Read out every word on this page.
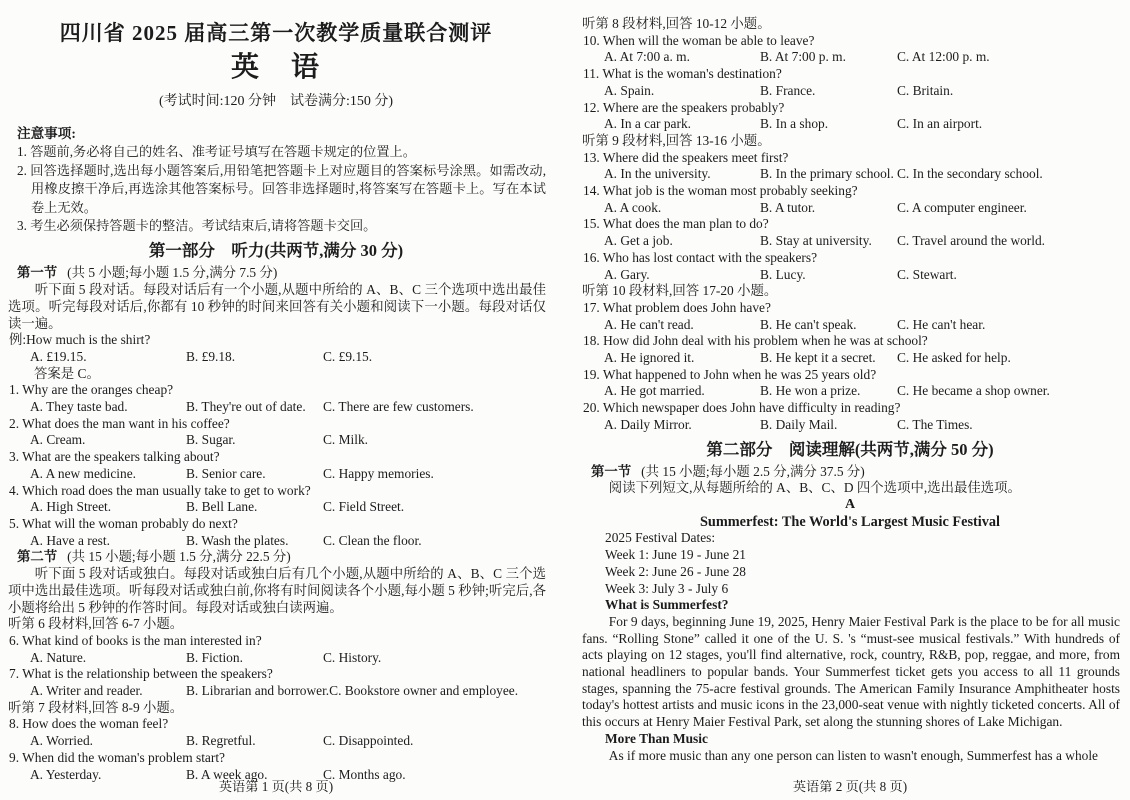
四川省 2025 届高三第一次教学质量联合测评
英　语
(考试时间:120 分钟　试卷满分:150 分)
注意事项:
1. 答题前,务必将自己的姓名、准考证号填写在答题卡规定的位置上。
2. 回答选择题时,选出每小题答案后,用铅笔把答题卡上对应题目的答案标号涂黑。如需改动,用橡皮擦干净后,再选涂其他答案标号。回答非选择题时,将答案写在答题卡上。写在本试卷上无效。
3. 考生必须保持答题卡的整洁。考试结束后,请将答题卡交回。
第一部分　听力(共两节,满分 30 分)
第一节 (共 5 小题;每小题 1.5 分,满分 7.5 分)
听下面 5 段对话。每段对话后有一个小题,从题中所给的 A、B、C 三个选项中选出最佳选项。听完每段对话后,你都有 10 秒钟的时间来回答有关小题和阅读下一小题。每段对话仅读一遍。
例:How much is the shirt?
A. £19.15.	B. £9.18.	C. £9.15.
答案是 C。
1. Why are the oranges cheap?
A. They taste bad.	B. They're out of date.	C. There are few customers.
2. What does the man want in his coffee?
A. Cream.	B. Sugar.	C. Milk.
3. What are the speakers talking about?
A. A new medicine.	B. Senior care.	C. Happy memories.
4. Which road does the man usually take to get to work?
A. High Street.	B. Bell Lane.	C. Field Street.
5. What will the woman probably do next?
A. Have a rest.	B. Wash the plates.	C. Clean the floor.
第二节 (共 15 小题;每小题 1.5 分,满分 22.5 分)
听下面 5 段对话或独白。每段对话或独白后有几个小题,从题中所给的 A、B、C 三个选项中选出最佳选项。听每段对话或独白前,你将有时间阅读各个小题,每小题 5 秒钟;听完后,各小题将给出 5 秒钟的作答时间。每段对话或独白读两遍。
听第 6 段材料,回答 6-7 小题。
6. What kind of books is the man interested in?
A. Nature.	B. Fiction.	C. History.
7. What is the relationship between the speakers?
A. Writer and reader.	B. Librarian and borrower. C. Bookstore owner and employee.
听第 7 段材料,回答 8-9 小题。
8. How does the woman feel?
A. Worried.	B. Regretful.	C. Disappointed.
9. When did the woman's problem start?
A. Yesterday.	B. A week ago.	C. Months ago.
英语第 1 页(共 8 页)
听第 8 段材料,回答 10-12 小题。
10. When will the woman be able to leave?
A. At 7:00 a. m.	B. At 7:00 p. m.	C. At 12:00 p. m.
11. What is the woman's destination?
A. Spain.	B. France.	C. Britain.
12. Where are the speakers probably?
A. In a car park.	B. In a shop.	C. In an airport.
听第 9 段材料,回答 13-16 小题。
13. Where did the speakers meet first?
A. In the university.	B. In the primary school. C. In the secondary school.
14. What job is the woman most probably seeking?
A. A cook.	B. A tutor.	C. A computer engineer.
15. What does the man plan to do?
A. Get a job.	B. Stay at university.	C. Travel around the world.
16. Who has lost contact with the speakers?
A. Gary.	B. Lucy.	C. Stewart.
听第 10 段材料,回答 17-20 小题。
17. What problem does John have?
A. He can't read.	B. He can't speak.	C. He can't hear.
18. How did John deal with his problem when he was at school?
A. He ignored it.	B. He kept it a secret.	C. He asked for help.
19. What happened to John when he was 25 years old?
A. He got married.	B. He won a prize.	C. He became a shop owner.
20. Which newspaper does John have difficulty in reading?
A. Daily Mirror.	B. Daily Mail.	C. The Times.
第二部分　阅读理解(共两节,满分 50 分)
第一节 (共 15 小题;每小题 2.5 分,满分 37.5 分)
阅读下列短文,从每题所给的 A、B、C、D 四个选项中,选出最佳选项。
A
Summerfest: The World's Largest Music Festival
2025 Festival Dates:
Week 1: June 19 - June 21
Week 2: June 26 - June 28
Week 3: July 3 - July 6
What is Summerfest?
For 9 days, beginning June 19, 2025, Henry Maier Festival Park is the place to be for all music fans. “Rolling Stone” called it one of the U. S. 's “must-see musical festivals.” With hundreds of acts playing on 12 stages, you'll find alternative, rock, country, R&B, pop, reggae, and more, from national headliners to popular bands. Your Summerfest ticket gets you access to all 11 grounds stages, spanning the 75-acre festival grounds. The American Family Insurance Amphitheater hosts today's hottest artists and music icons in the 23,000-seat venue with nightly ticketed concerts. All of this occurs at Henry Maier Festival Park, set along the stunning shores of Lake Michigan.
More Than Music
As if more music than any one person can listen to wasn't enough, Summerfest has a whole
英语第 2 页(共 8 页)
